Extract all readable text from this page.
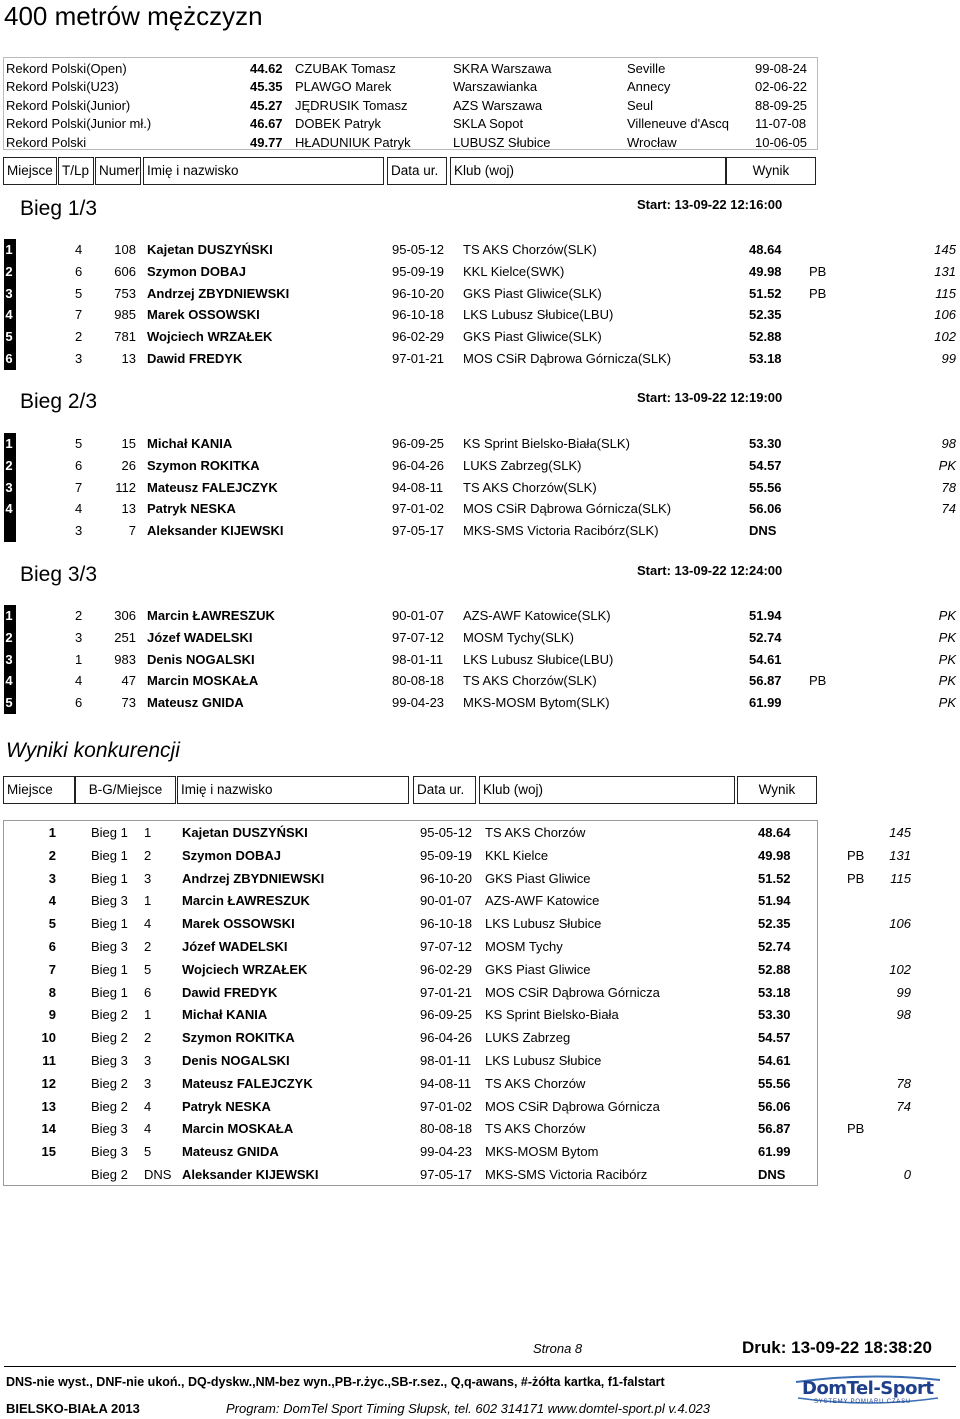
400 metrów mężczyzn
Rekord Polski(Open)	44.62 CZUBAK Tomasz	SKRA Warszawa	Seville	99-08-24
Rekord Polski(U23)	45.35 PLAWGO Marek	Warszawianka	Annecy	02-06-22
Rekord Polski(Junior)	45.27 JĘDRUSIK Tomasz	AZS Warszawa	Seul	88-09-25
Rekord Polski(Junior mł.)	46.67 DOBEK Patryk	SKLA Sopot	Villeneuve d'Ascq 11-07-08
Rekord Polski	49.77 HŁADUNIUK Patryk	LUBUSZ Słubice	Wrocław	10-06-05
Miejsce T/Lp Numer Imię i nazwisko	Data ur.	Klub (woj)	Wynik
Bieg 1/3	Start: 13-09-22 12:16:00
1	4	108 Kajetan DUSZYŃSKI	95-05-12 TS AKS Chorzów(SLK)	48.64	145
2	6	606 Szymon DOBAJ	95-09-19 KKL Kielce(SWK)	49.98 PB	131
3	5	753 Andrzej ZBYDNIEWSKI	96-10-20 GKS Piast Gliwice(SLK)	51.52 PB	115
4	7	985 Marek OSSOWSKI	96-10-18 LKS Lubusz Słubice(LBU)	52.35	106
5	2	781 Wojciech WRZAŁEK	96-02-29 GKS Piast Gliwice(SLK)	52.88	102
6	3	13 Dawid FREDYK	97-01-21 MOS CSiR Dąbrowa Górnicza(SLK)	53.18	99
Bieg 2/3	Start: 13-09-22 12:19:00
1	5	15 Michał KANIA	96-09-25 KS Sprint Bielsko-Biała(SLK)	53.30	98
2	6	26 Szymon ROKITKA	96-04-26 LUKS Zabrzeg(SLK)	54.57	PK
3	7	112 Mateusz FALEJCZYK	94-08-11 TS AKS Chorzów(SLK)	55.56	78
4	4	13 Patryk NESKA	97-01-02 MOS CSiR Dąbrowa Górnicza(SLK)	56.06	74
3	7 Aleksander KIJEWSKI	97-05-17 MKS-SMS Victoria Racibórz(SLK)	DNS
Bieg 3/3	Start: 13-09-22 12:24:00
1	2	306 Marcin ŁAWRESZUK	90-01-07 AZS-AWF Katowice(SLK)	51.94	PK
2	3	251 Józef WADELSKI	97-07-12 MOSM Tychy(SLK)	52.74	PK
3	1	983 Denis NOGALSKI	98-01-11 LKS Lubusz Słubice(LBU)	54.61	PK
4	4	47 Marcin MOSKAŁA	80-08-18 TS AKS Chorzów(SLK)	56.87 PB	PK
5	6	73 Mateusz GNIDA	99-04-23 MKS-MOSM Bytom(SLK)	61.99	PK
Wyniki konkurencji
Miejsce	B-G/Miejsce	Imię i nazwisko	Data ur.	Klub (woj)	Wynik
1	Bieg 1 1	Kajetan DUSZYŃSKI	95-05-12 TS AKS Chorzów	48.64	145
2	Bieg 1 2	Szymon DOBAJ	95-09-19 KKL Kielce	49.98	PB	131
3	Bieg 1 3	Andrzej ZBYDNIEWSKI	96-10-20 GKS Piast Gliwice	51.52	PB	115
4	Bieg 3 1	Marcin ŁAWRESZUK	90-01-07 AZS-AWF Katowice	51.94
5	Bieg 1 4	Marek OSSOWSKI	96-10-18 LKS Lubusz Słubice	52.35	106
6	Bieg 3 2	Józef WADELSKI	97-07-12 MOSM Tychy	52.74
7	Bieg 1 5	Wojciech WRZAŁEK	96-02-29 GKS Piast Gliwice	52.88	102
8	Bieg 1 6	Dawid FREDYK	97-01-21 MOS CSiR Dąbrowa Górnicza	53.18	99
9	Bieg 2 1	Michał KANIA	96-09-25 KS Sprint Bielsko-Biała	53.30	98
10	Bieg 2 2	Szymon ROKITKA	96-04-26 LUKS Zabrzeg	54.57
11	Bieg 3 3	Denis NOGALSKI	98-01-11 LKS Lubusz Słubice	54.61
12	Bieg 2 3	Mateusz FALEJCZYK	94-08-11 TS AKS Chorzów	55.56	78
13	Bieg 2 4	Patryk NESKA	97-01-02 MOS CSiR Dąbrowa Górnicza	56.06	74
14	Bieg 3 4	Marcin MOSKAŁA	80-08-18 TS AKS Chorzów	56.87	PB
15	Bieg 3 5	Mateusz GNIDA	99-04-23 MKS-MOSM Bytom	61.99
Bieg 2 DNS Aleksander KIJEWSKI	97-05-17 MKS-SMS Victoria Racibórz	DNS	0
Strona 8	Druk: 13-09-22 18:38:20
DNS-nie wyst., DNF-nie ukoń., DQ-dyskw.,NM-bez wyn.,PB-r.życ.,SB-r.sez., Q,q-awans, #-żółta kartka, f1-falstart
BIELSKO-BIAŁA 2013	Program: DomTel Sport Timing Słupsk, tel. 602 314171 www.domtel-sport.pl v.4.023
DomTel-Sport
SYSTEMY POMIARU CZASU
